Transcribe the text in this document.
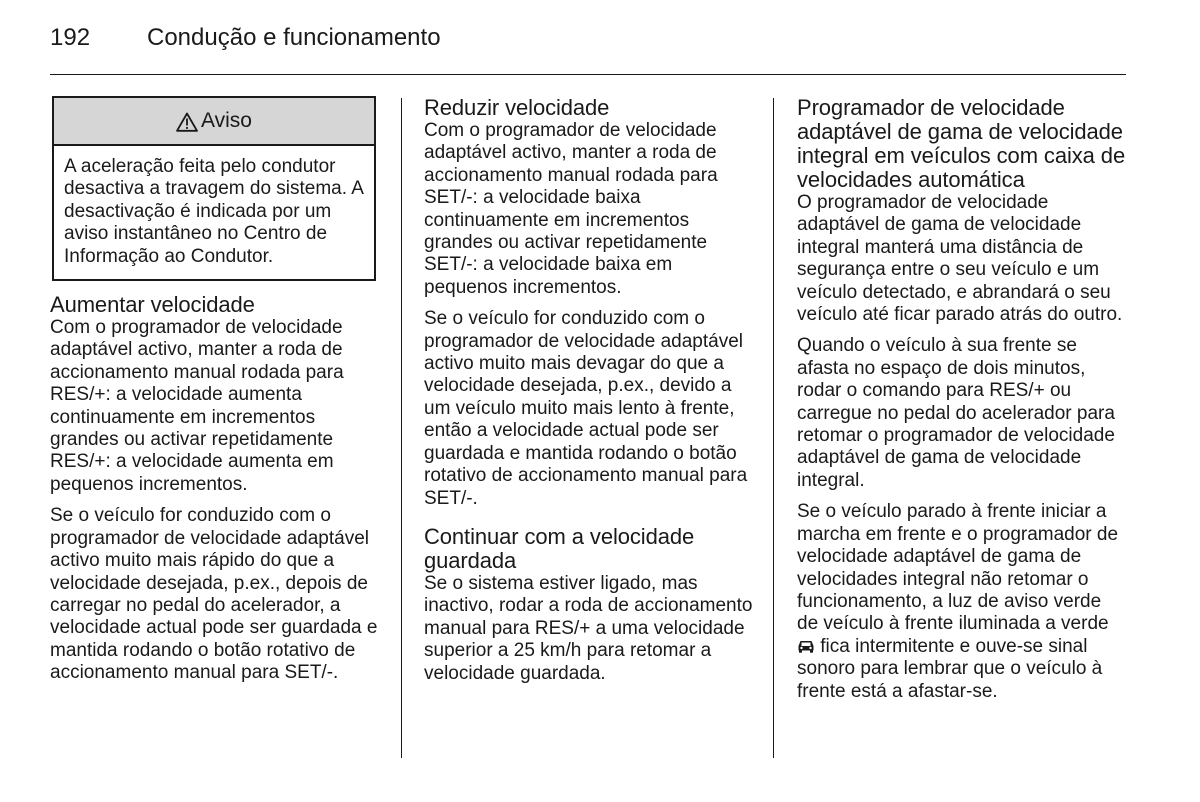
192 Condução e funcionamento
Aviso
A aceleração feita pelo condutor desactiva a travagem do sistema. A desactivação é indicada por um aviso instantâneo no Centro de Informação ao Condutor.
Aumentar velocidade

Com o programador de velocidade adaptável activo, manter a roda de accionamento manual rodada para RES/+: a velocidade aumenta continuamente em incrementos grandes ou activar repetidamente RES/+: a velocidade aumenta em pequenos incrementos.

Se o veículo for conduzido com o programador de velocidade adaptável activo muito mais rápido do que a velocidade desejada, p.ex., depois de carregar no pedal do acelerador, a velocidade actual pode ser guardada e mantida rodando o botão rotativo de accionamento manual para SET/-.

Reduzir velocidade

Com o programador de velocidade adaptável activo, manter a roda de accionamento manual rodada para SET/-: a velocidade baixa continuamente em incrementos grandes ou activar repetidamente SET/-: a velocidade baixa em pequenos incrementos.

Se o veículo for conduzido com o programador de velocidade adaptável activo muito mais devagar do que a velocidade desejada, p.ex., devido a um veículo muito mais lento à frente, então a velocidade actual pode ser guardada e mantida rodando o botão rotativo de accionamento manual para SET/-.

Continuar com a velocidade guardada

Se o sistema estiver ligado, mas inactivo, rodar a roda de accionamento manual para RES/+ a uma velocidade superior a 25 km/h para retomar a velocidade guardada.

Programador de velocidade adaptável de gama de velocidade integral em veículos com caixa de velocidades automática

O programador de velocidade adaptável de gama de velocidade integral manterá uma distância de segurança entre o seu veículo e um veículo detectado, e abrandará o seu veículo até ficar parado atrás do outro.

Quando o veículo à sua frente se afasta no espaço de dois minutos, rodar o comando para RES/+ ou carregue no pedal do acelerador para retomar o programador de velocidade adaptável de gama de velocidade integral.

Se o veículo parado à frente iniciar a marcha em frente e o programador de velocidade adaptável de gama de velocidades integral não retomar o funcionamento, a luz de aviso verde de veículo à frente iluminada a verde  fica intermitente e ouve-se sinal sonoro para lembrar que o veículo à frente está a afastar-se.
